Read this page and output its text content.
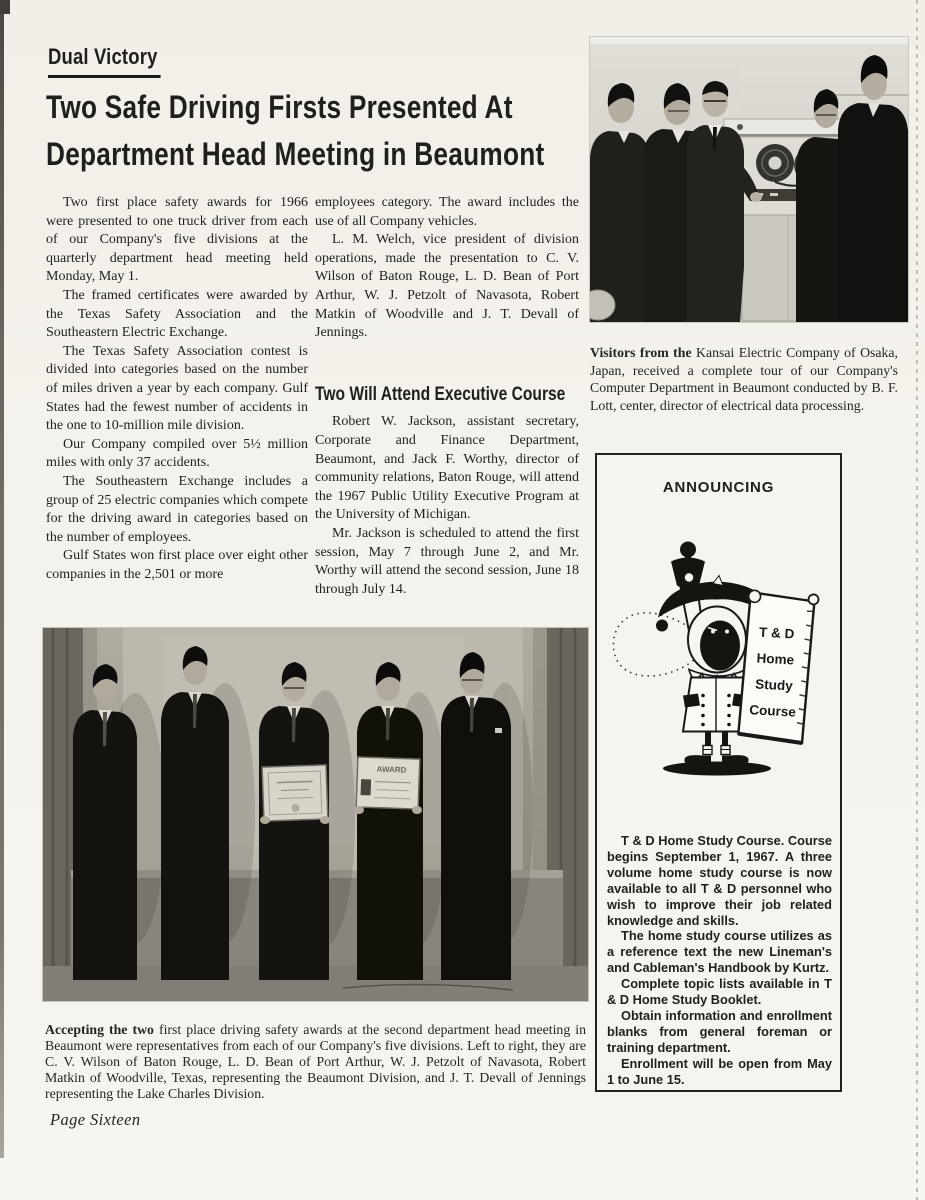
Dual Victory
Two Safe Driving Firsts Presented At
Department Head Meeting in Beaumont

Two first place safety awards for 1966 were presented to one truck driver from each of our Company's five divisions at the quarterly department head meeting held Monday, May 1.

The framed certificates were awarded by the Texas Safety Association and the Southeastern Electric Exchange.

The Texas Safety Association contest is divided into categories based on the number of miles driven a year by each company. Gulf States had the fewest number of accidents in the one to 10-million mile division.

Our Company compiled over 5½ million miles with only 37 accidents.

The Southeastern Exchange includes a group of 25 electric companies which compete for the driving award in categories based on the number of employees.

Gulf States won first place over eight other companies in the 2,501 or more

employees category. The award includes the use of all Company vehicles.

L. M. Welch, vice president of division operations, made the presentation to C. V. Wilson of Baton Rouge, L. D. Bean of Port Arthur, W. J. Petzolt of Navasota, Robert Matkin of Woodville and J. T. Devall of Jennings.

Two Will Attend Executive Course

Robert W. Jackson, assistant secretary, Corporate and Finance Department, Beaumont, and Jack F. Worthy, director of community relations, Baton Rouge, will attend the 1967 Public Utility Executive Program at the University of Michigan.

Mr. Jackson is scheduled to attend the first session, May 7 through June 2, and Mr. Worthy will attend the second session, June 18 through July 14.

Visitors from the Kansai Electric Company of Osaka, Japan, received a complete tour of our Company's Computer Department in Beaumont conducted by B. F. Lott, center, director of electrical data processing.

ANNOUNCING
T & D
Home
Study
Course

T & D Home Study Course. Course begins September 1, 1967. A three volume home study course is now available to all T & D personnel who wish to improve their job related knowledge and skills.

The home study course utilizes as a reference text the new Lineman's and Cableman's Handbook by Kurtz.

Complete topic lists available in T & D Home Study Booklet.

Obtain information and enrollment blanks from general foreman or training department.

Enrollment will be open from May 1 to June 15.

AWARD

Accepting the two first place driving safety awards at the second department head meeting in Beaumont were representatives from each of our Company's five divisions. Left to right, they are C. V. Wilson of Baton Rouge, L. D. Bean of Port Arthur, W. J. Petzolt of Navasota, Robert Matkin of Woodville, Texas, representing the Beaumont Division, and J. T. Devall of Jennings representing the Lake Charles Division.

Page Sixteen
